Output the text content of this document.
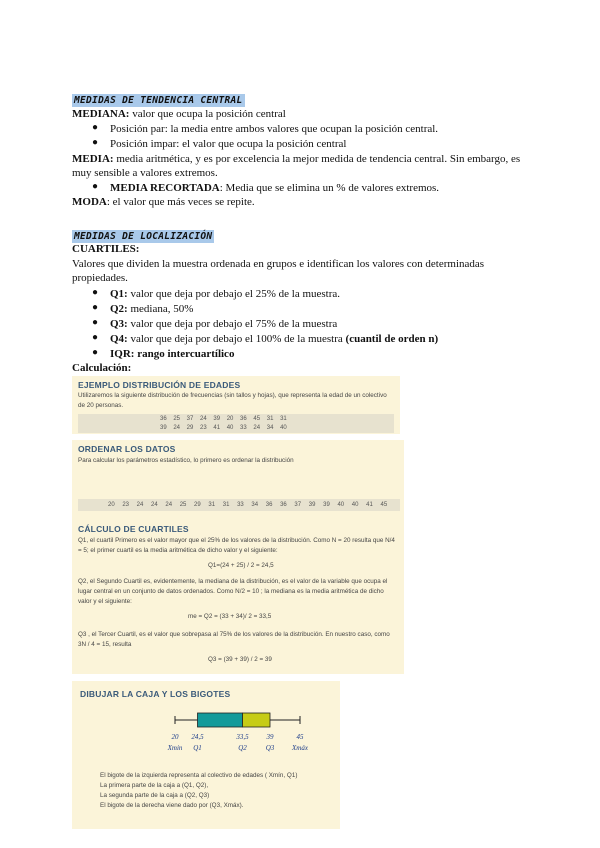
MEDIDAS DE TENDENCIA CENTRAL
MEDIANA: valor que ocupa la posición central
● Posición par: la media entre ambos valores que ocupan la posición central.
● Posición impar: el valor que ocupa la posición central
MEDIA: media aritmética, y es por excelencia la mejor medida de tendencia central. Sin embargo, es muy sensible a valores extremos.
● MEDIA RECORTADA: Media que se elimina un % de valores extremos.
MODA: el valor que más veces se repite.
MEDIDAS DE LOCALIZACIÓN
CUARTILES:
Valores que dividen la muestra ordenada en grupos e identifican los valores con determinadas propiedades.
● Q1: valor que deja por debajo el 25% de la muestra.
● Q2: mediana, 50%
● Q3: valor que deja por debajo el 75% de la muestra
● Q4: valor que deja por debajo el 100% de la muestra (cuantil de orden n)
● IQR: rango intercuartílico
Calculación:
EJEMPLO DISTRIBUCIÓN DE EDADES
Utilizaremos la siguiente distribución de frecuencias (sin tallos y hojas), que representa la edad de un colectivo de 20 personas.
36 25 37 24 39 20 36 45 31 31
39 24 29 23 41 40 33 24 34 40
ORDENAR LOS DATOS
Para calcular los parámetros estadístico, lo primero es ordenar la distribución
20 23 24 24 24 25 29 31 31 33 34 36 36 37 39 39 40 40 41 45
CÁLCULO DE CUARTILES
Q1, el cuartil Primero es el valor mayor que el 25% de los valores de la distribución. Como N = 20 resulta que N/4 = 5; el primer cuartil es la media aritmética de dicho valor y el siguiente:
Q1=(24 + 25) / 2 = 24,5
Q2, el Segundo Cuartil es, evidentemente, la mediana de la distribución, es el valor de la variable que ocupa el lugar central en un conjunto de datos ordenados. Como N/2 = 10 ; la mediana es la media aritmética de dicho valor y el siguiente:
me = Q2 = (33 + 34)/ 2 = 33,5
Q3 , el Tercer Cuartil, es el valor que sobrepasa al 75% de los valores de la distribución. En nuestro caso, como 3N / 4 = 15, resulta
Q3 = (39 + 39) / 2 = 39
DIBUJAR LA CAJA Y LOS BIGOTES
20
Xmin
24,5
Q1
33,5
Q2
39
Q3
45
Xmáx
El bigote de la izquierda representa al colectivo de edades ( Xmín, Q1)
La primera parte de la caja a (Q1, Q2),
La segunda parte de la caja a (Q2, Q3)
El bigote de la derecha viene dado por (Q3, Xmáx).
